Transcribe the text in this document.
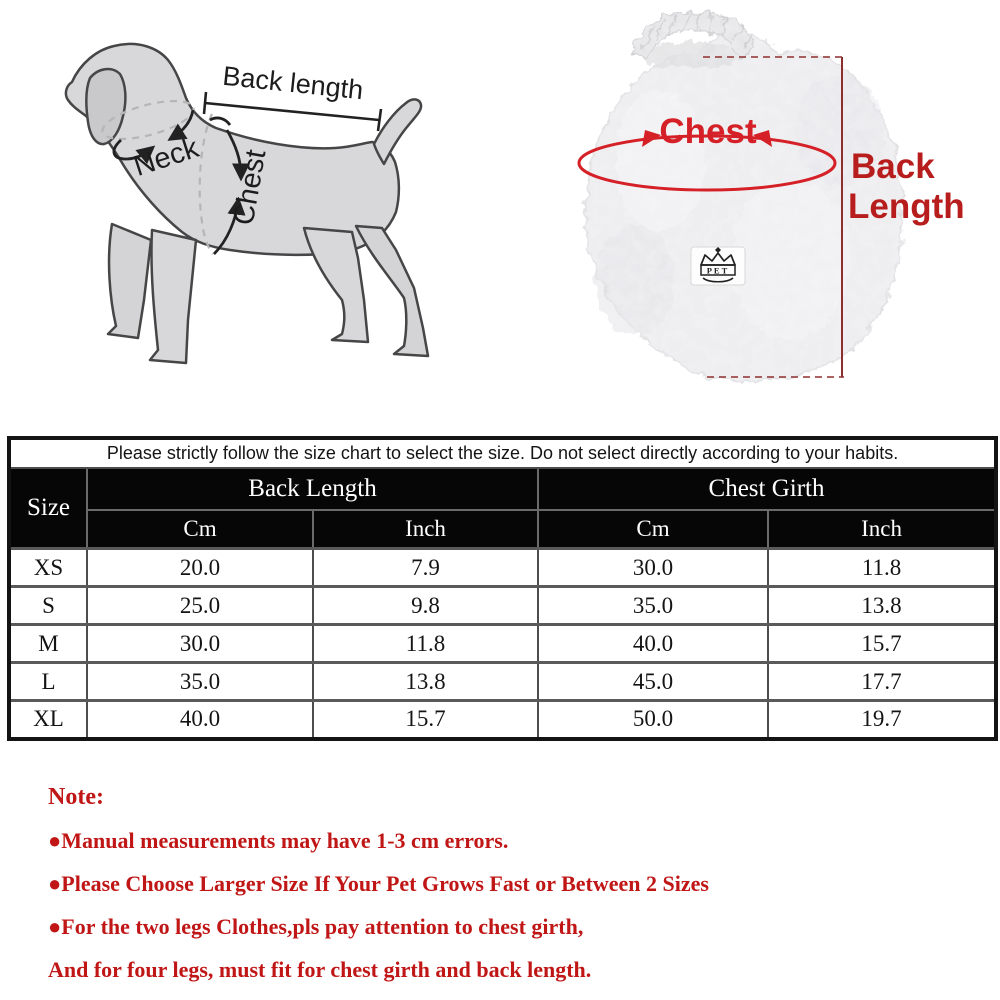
Back length
Neck Chest
PET
Chest
Back
Length
Please strictly follow the size chart to select the size. Do not select directly according to your habits.				
Size	Back Length		Chest Girth	
	Cm	Inch	Cm	Inch
XS	20.0	7.9	30.0	11.8
S	25.0	9.8	35.0	13.8
M	30.0	11.8	40.0	15.7
L	35.0	13.8	45.0	17.7
XL	40.0	15.7	50.0	19.7
Note:
●Manual measurements may have 1-3 cm errors.
●Please Choose Larger Size If Your Pet Grows Fast or Between 2 Sizes
●For the two legs Clothes,pls pay attention to chest girth,
And for four legs, must fit for chest girth and back length.
